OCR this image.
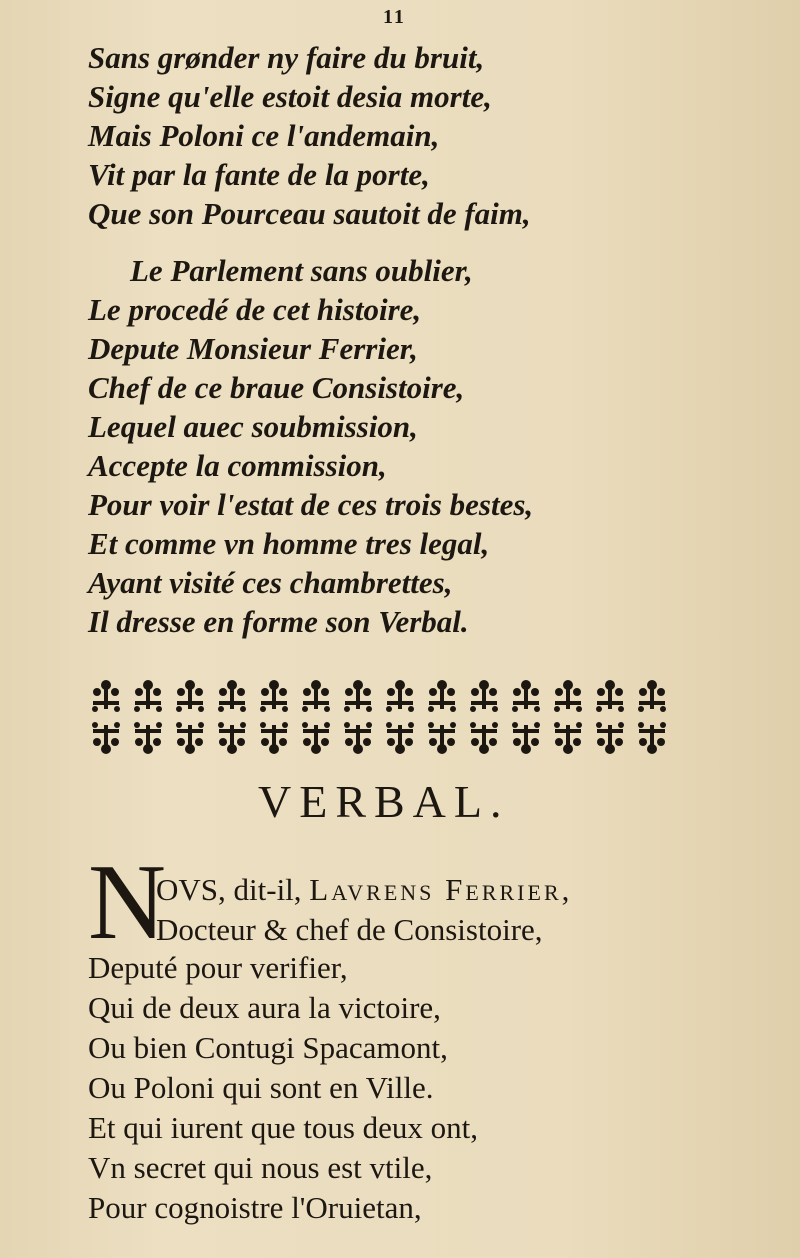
11
Sans grønder ny faire du bruit,
Signe qu'elle estoit desia morte,
Mais Poloni ce l'andemain,
Vit par la fante de la porte,
Que son Pourceau sautoit de faim,
Le Parlement sans oublier,
Le procedé de cet histoire,
Depute Monsieur Ferrier,
Chef de ce braue Consistoire,
Lequel auec soubmission,
Accepte la commission,
Pour voir l'estat de ces trois bestes,
Et comme vn homme tres legal,
Ayant visité ces chambrettes,
Il dresse en forme son Verbal.
VERBAL.
N
OVS, dit-il, Lavrens Ferrier,
Docteur & chef de Consistoire,
Deputé pour verifier,
Qui de deux aura la victoire,
Ou bien Contugi Spacamont,
Ou Poloni qui sont en Ville.
Et qui iurent que tous deux ont,
Vn secret qui nous est vtile,
Pour cognoistre l'Oruietan,
